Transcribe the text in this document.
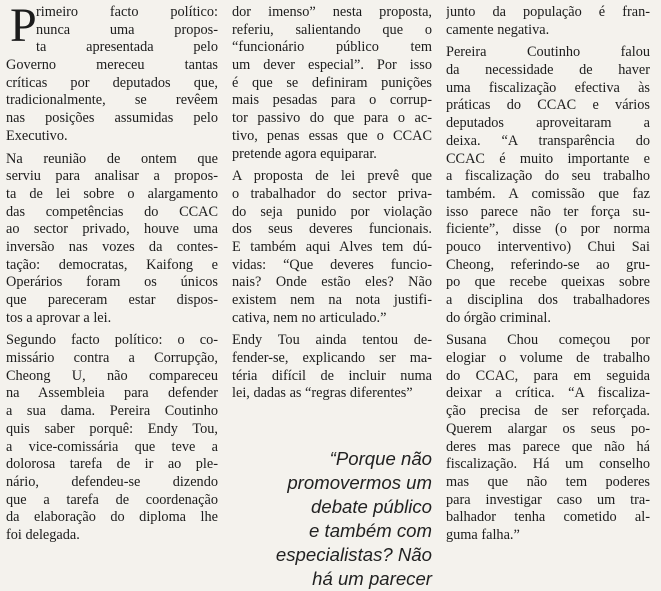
P rimeiro facto político:
nunca uma propos-
ta apresentada pelo
Governo mereceu tantas
críticas por deputados que,
tradicionalmente, se revêem
nas posições assumidas pelo
Executivo.
Na reunião de ontem que
serviu para analisar a propos-
ta de lei sobre o alargamento
das competências do CCAC
ao sector privado, houve uma
inversão nas vozes da contes-
tação: democratas, Kaifong e
Operários foram os únicos
que pareceram estar dispos-
tos a aprovar a lei.
Segundo facto político: o co-
missário contra a Corrupção,
Cheong U, não compareceu
na Assembleia para defender
a sua dama. Pereira Coutinho
quis saber porquê: Endy Tou,
a vice-comissária que teve a
dolorosa tarefa de ir ao ple-
nário, defendeu-se dizendo
que a tarefa de coordenação
da elaboração do diploma lhe
foi delegada.
dor imenso” nesta proposta,
referiu, salientando que o
“funcionário público tem
um dever especial”. Por isso
é que se definiram punições
mais pesadas para o corrup-
tor passivo do que para o ac-
tivo, penas essas que o CCAC
pretende agora equiparar.
A proposta de lei prevê que
o trabalhador do sector priva-
do seja punido por violação
dos seus deveres funcionais.
E também aqui Alves tem dú-
vidas: “Que deveres funcio-
nais? Onde estão eles? Não
existem nem na nota justifi-
cativa, nem no articulado.”
Endy Tou ainda tentou de-
fender-se, explicando ser ma-
téria difícil de incluir numa
lei, dadas as “regras diferentes”
junto da população é fran-
camente negativa.
Pereira Coutinho falou
da necessidade de haver
uma fiscalização efectiva às
práticas do CCAC e vários
deputados aproveitaram a
deixa. “A transparência do
CCAC é muito importante e
a fiscalização do seu trabalho
também. A comissão que faz
isso parece não ter força su-
ficiente”, disse (o por norma
pouco interventivo) Chui Sai
Cheong, referindo-se ao gru-
po que recebe queixas sobre
a disciplina dos trabalhadores
do órgão criminal.
Susana Chou começou por
elogiar o volume de trabalho
do CCAC, para em seguida
deixar a crítica. “A fiscaliza-
ção precisa de ser reforçada.
Querem alargar os seus po-
deres mas parece que não há
fiscalização. Há um conselho
mas que não tem poderes
para investigar caso um tra-
balhador tenha cometido al-
guma falha.”
“Porque não
promovermos um
debate público
e também com
especialistas? Não
há um parecer
